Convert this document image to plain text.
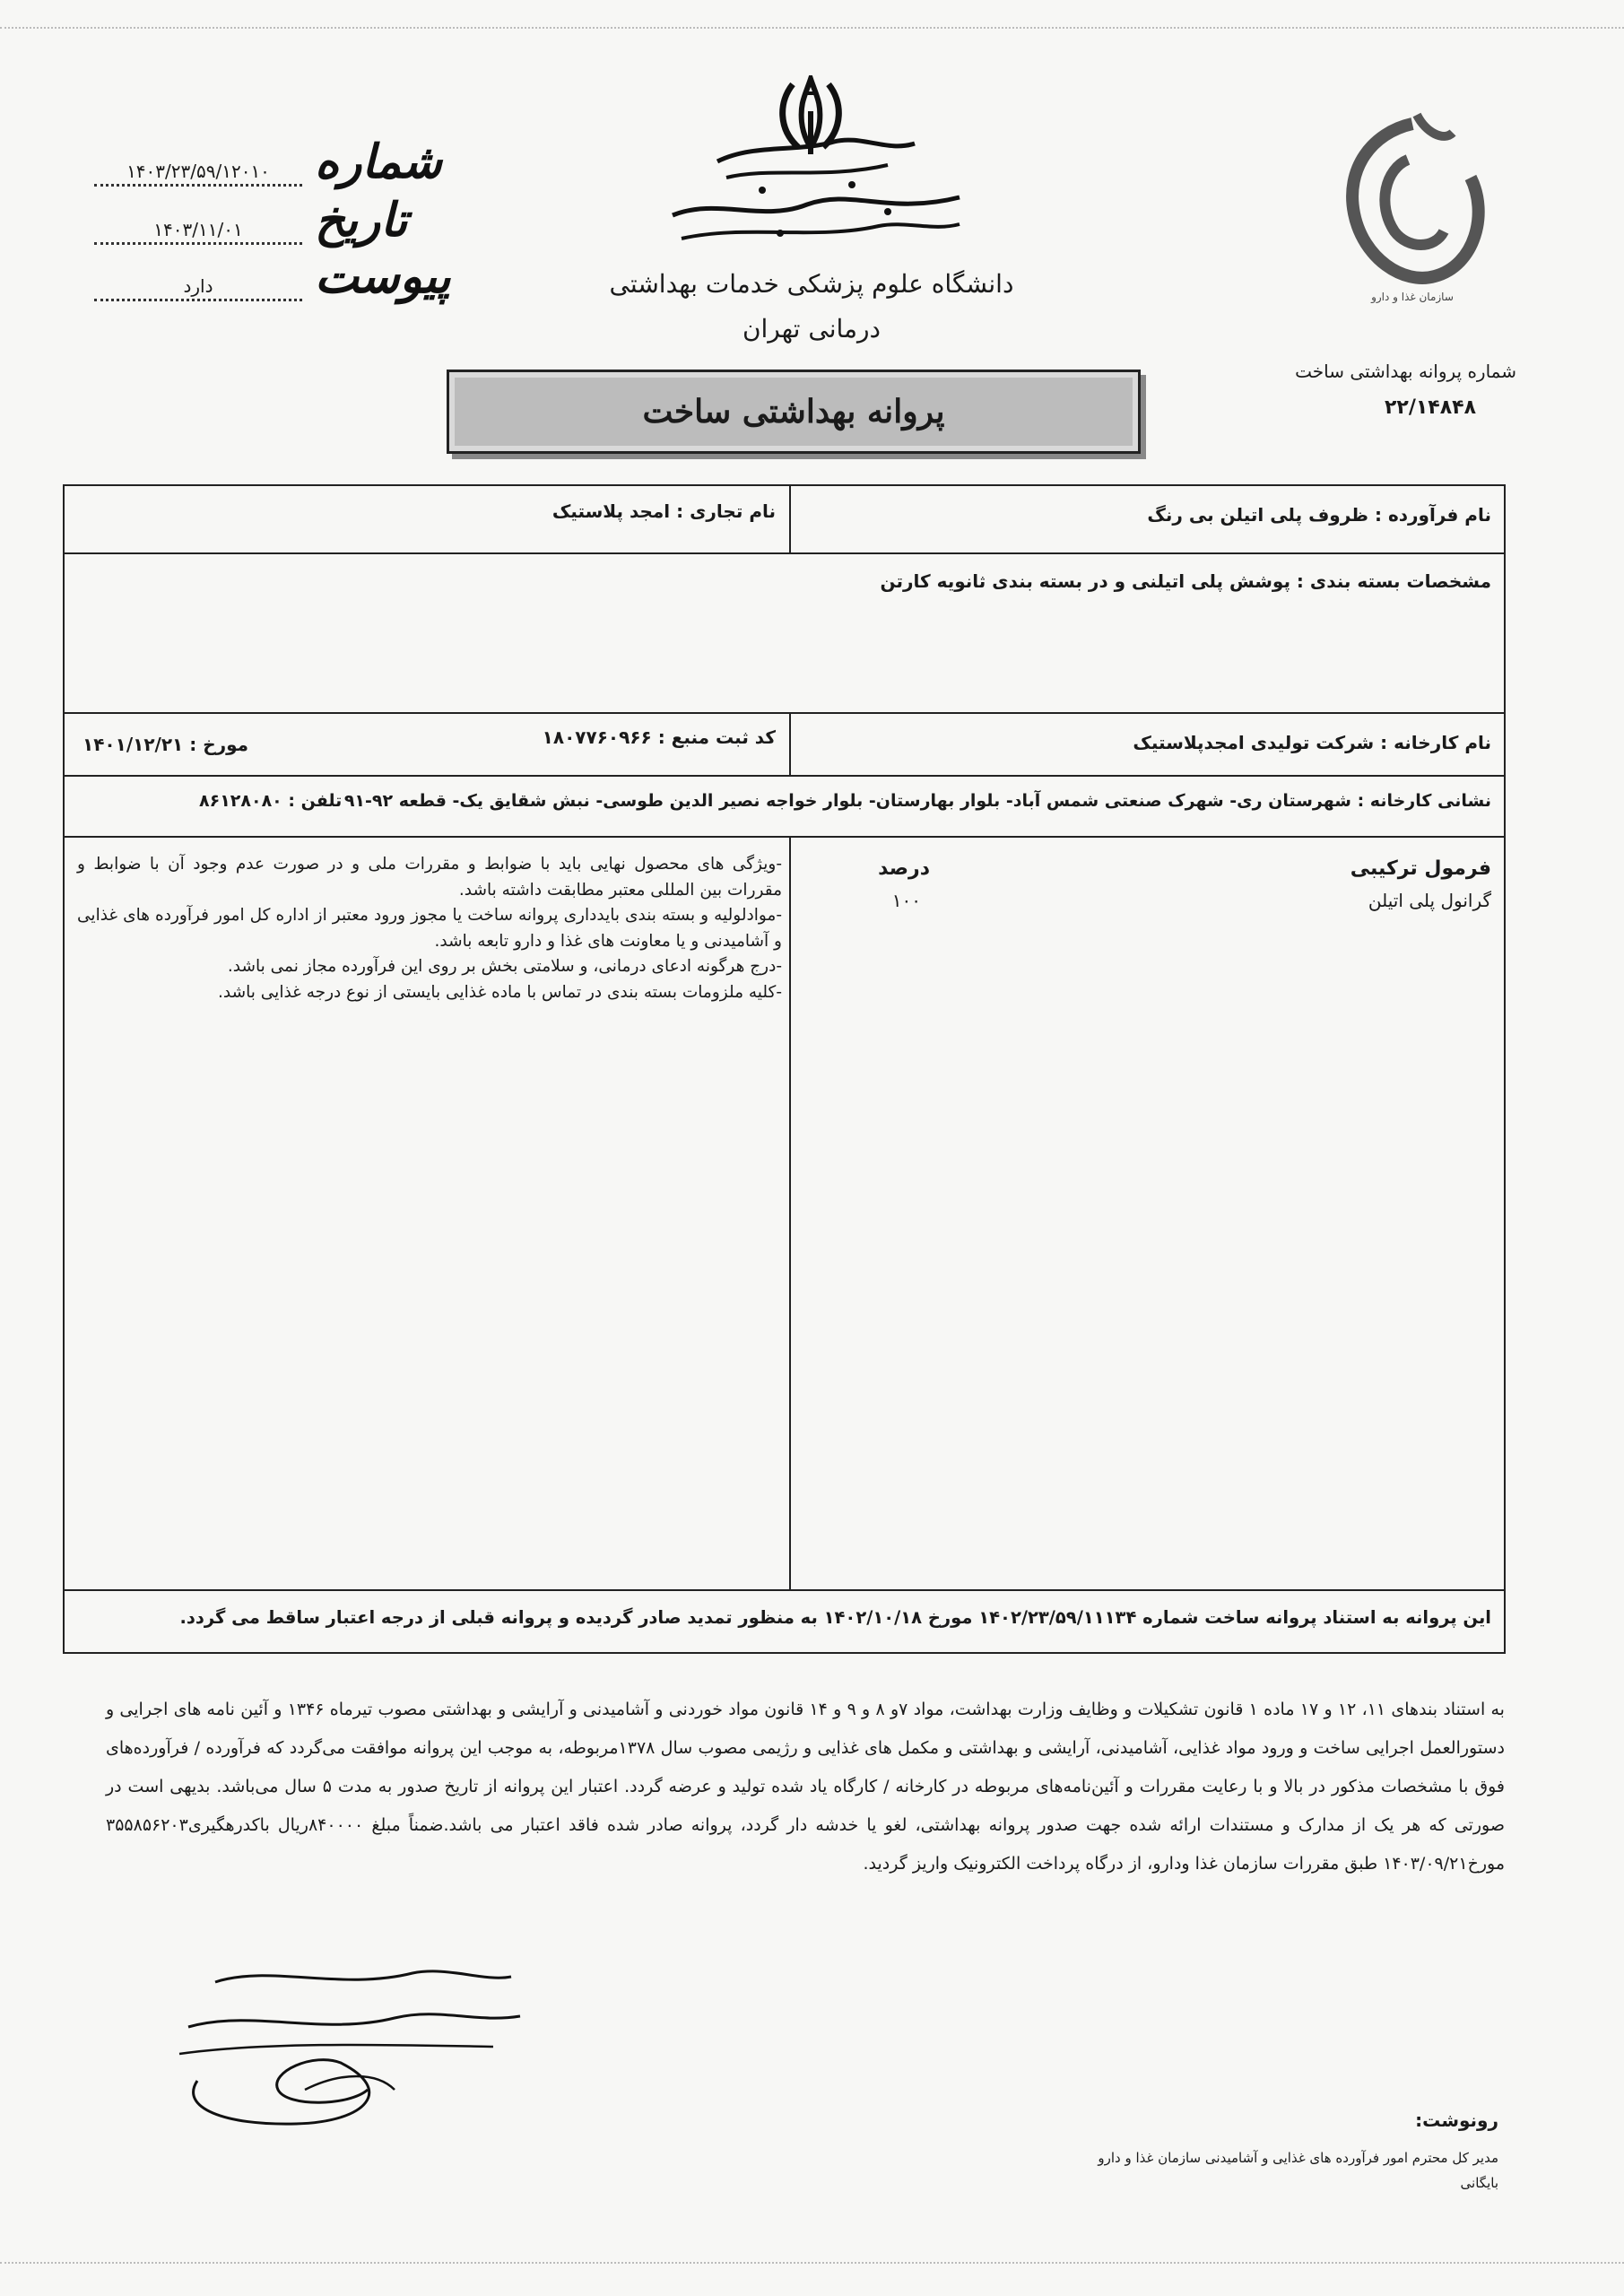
شماره
۱۴۰۳/۲۳/۵۹/۱۲۰۱۰
تاریخ
۱۴۰۳/۱۱/۰۱
پیوست
دارد	دانشگاه علوم پزشکی خدمات بهداشتی
درمانی تهران
سازمان غذا و دارو
شماره پروانه بهداشتی ساخت
۲۲/۱۴۸۴۸
پروانه بهداشتی ساخت
نام فرآورده : ظروف پلی اتیلن بی رنگ
نام تجاری : امجد پلاستیک
مشخصات بسته بندی : پوشش پلی اتیلنی و در بسته بندی ثانویه کارتن
نام کارخانه : شرکت تولیدی امجدپلاستیک
کد ثبت منبع : ۱۸۰۷۷۶۰۹۶۶
مورخ : ۱۴۰۱/۱۲/۲۱
نشانی کارخانه : شهرستان ری- شهرک صنعتی شمس آباد- بلوار بهارستان- بلوار خواجه نصیر الدین طوسی- نبش شقایق یک- قطعه ۹۲-۹۱
تلفن : ۸۶۱۲۸۰۸۰
فرمول ترکیبی
درصد
گرانول پلی اتیلن
۱۰۰
-ویژگی های محصول نهایی باید با ضوابط و مقررات ملی و در صورت عدم وجود آن با ضوابط و مقررات بین المللی معتبر مطابقت داشته باشد.
-موادلولیه و بسته بندی بایدداری پروانه ساخت یا مجوز ورود معتبر از اداره کل امور فرآورده های غذایی و آشامیدنی و یا معاونت های غذا و دارو تابعه باشد.
-درج هرگونه ادعای درمانی، و سلامتی بخش بر روی این فرآورده مجاز نمی باشد.
-کلیه ملزومات بسته بندی در تماس با ماده غذایی بایستی از نوع درجه غذایی باشد.
این پروانه به استناد پروانه ساخت شماره ۱۴۰۲/۲۳/۵۹/۱۱۱۳۴ مورخ ۱۴۰۲/۱۰/۱۸ به منظور تمدید صادر گردیده و پروانه قبلی از درجه اعتبار ساقط می گردد.
به استناد بندهای ۱۱، ۱۲ و ۱۷ ماده ۱ قانون تشکیلات و وظایف وزارت بهداشت، مواد ۷و ۸ و ۹ و ۱۴ قانون مواد خوردنی و آشامیدنی و آرایشی و بهداشتی مصوب تیرماه ۱۳۴۶ و آئین نامه های اجرایی و دستورالعمل اجرایی ساخت و ورود مواد غذایی، آشامیدنی، آرایشی و بهداشتی و مکمل های غذایی و رژیمی مصوب سال ۱۳۷۸مربوطه، به موجب این پروانه موافقت می‌گردد که فرآورده / فرآورده‌های فوق با مشخصات مذکور در بالا و با رعایت مقررات و آئین‌نامه‌های مربوطه در کارخانه / کارگاه یاد شده تولید و عرضه گردد. اعتبار این پروانه از تاریخ صدور به مدت ۵ سال می‌باشد. بدیهی است در صورتی که هر یک از مدارک و مستندات ارائه شده جهت صدور پروانه بهداشتی، لغو یا خدشه دار گردد، پروانه صادر شده فاقد اعتبار می باشد.ضمناً مبلغ ۸۴۰۰۰۰ریال باکدرهگیری۳۵۵۸۵۶۲۰۳ مورخ۱۴۰۳/۰۹/۲۱ طبق مقررات سازمان غذا ودارو، از درگاه پرداخت الکترونیک واریز گردید.
رونوشت:
مدیر کل محترم امور فرآورده های غذایی و آشامیدنی سازمان غذا و دارو
بایگانی
